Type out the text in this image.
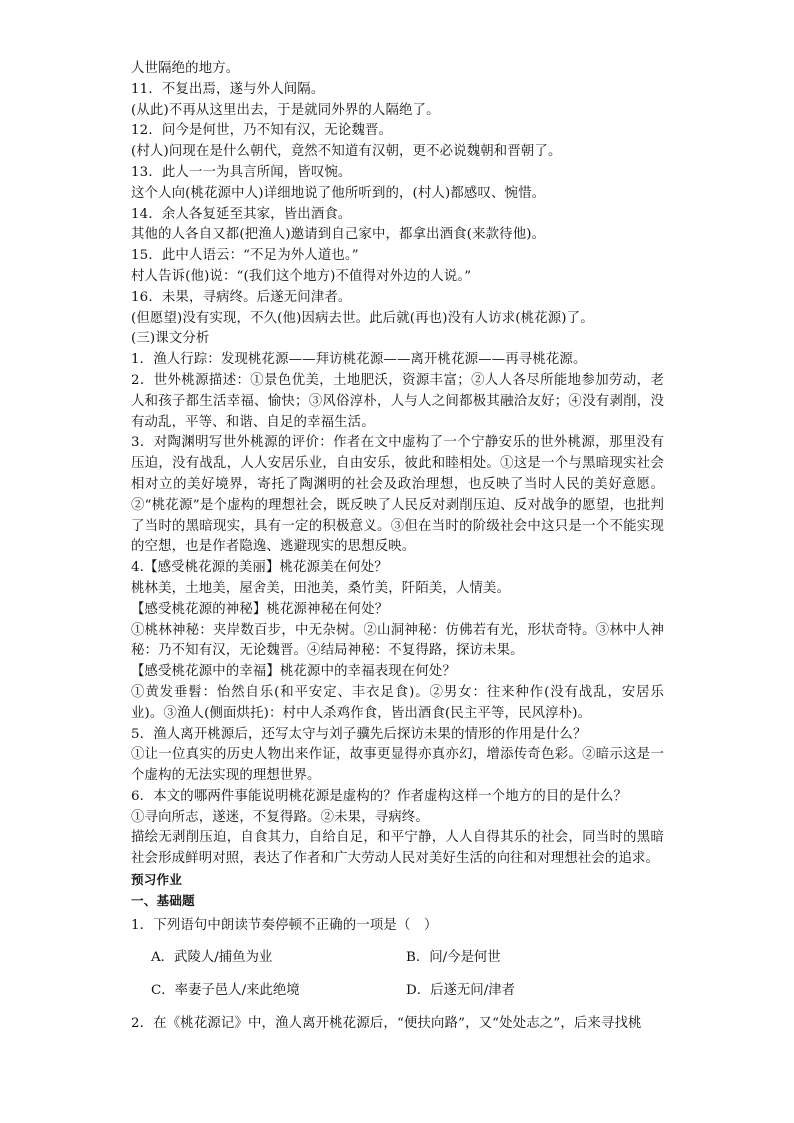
人世隔绝的地方。
11．不复出焉，遂与外人间隔。
(从此)不再从这里出去，于是就同外界的人隔绝了。
12．问今是何世，乃不知有汉，无论魏晋。
(村人)问现在是什么朝代，竟然不知道有汉朝，更不必说魏朝和晋朝了。
13．此人一一为具言所闻，皆叹惋。
这个人向(桃花源中人)详细地说了他所听到的，(村人)都感叹、惋惜。
14．余人各复延至其家，皆出酒食。
其他的人各自又都(把渔人)邀请到自己家中，都拿出酒食(来款待他)。
15．此中人语云：“不足为外人道也。”
村人告诉(他)说：“(我们这个地方)不值得对外边的人说。”
16．未果，寻病终。后遂无问津者。
(但愿望)没有实现，不久(他)因病去世。此后就(再也)没有人访求(桃花源)了。
(三)课文分析
1．渔人行踪：发现桃花源——拜访桃花源——离开桃花源——再寻桃花源。
2．世外桃源描述：①景色优美，土地肥沃，资源丰富；②人人各尽所能地参加劳动，老人和孩子都生活幸福、愉快；③风俗淳朴，人与人之间都极其融洽友好；④没有剥削，没有动乱，平等、和谐、自足的幸福生活。
3．对陶渊明写世外桃源的评价：作者在文中虚构了一个宁静安乐的世外桃源，那里没有压迫，没有战乱，人人安居乐业，自由安乐，彼此和睦相处。①这是一个与黑暗现实社会相对立的美好境界，寄托了陶渊明的社会及政治理想，也反映了当时人民的美好意愿。②“桃花源”是个虚构的理想社会，既反映了人民反对剥削压迫、反对战争的愿望，也批判了当时的黑暗现实，具有一定的积极意义。③但在当时的阶级社会中这只是一个不能实现的空想，也是作者隐逸、逃避现实的思想反映。
4.【感受桃花源的美丽】桃花源美在何处？
桃林美，土地美，屋舍美，田池美，桑竹美，阡陌美，人情美。
【感受桃花源的神秘】桃花源神秘在何处？
①桃林神秘：夹岸数百步，中无杂树。②山洞神秘：仿佛若有光，形状奇特。③林中人神秘：乃不知有汉，无论魏晋。④结局神秘：不复得路，探访未果。
【感受桃花源中的幸福】桃花源中的幸福表现在何处？
①黄发垂髫：怡然自乐(和平安定、丰衣足食)。②男女：往来种作(没有战乱，安居乐业)。③渔人(侧面烘托)：村中人杀鸡作食，皆出酒食(民主平等，民风淳朴)。
5．渔人离开桃源后，还写太守与刘子骥先后探访未果的情形的作用是什么？
①让一位真实的历史人物出来作证，故事更显得亦真亦幻，增添传奇色彩。②暗示这是一个虚构的无法实现的理想世界。
6．本文的哪两件事能说明桃花源是虚构的？作者虚构这样一个地方的目的是什么？
①寻向所志，遂迷，不复得路。②未果，寻病终。
描绘无剥削压迫，自食其力，自给自足，和平宁静，人人自得其乐的社会，同当时的黑暗社会形成鲜明对照，表达了作者和广大劳动人民对美好生活的向往和对理想社会的追求。
预习作业
一、基础题
1．下列语句中朗读节奏停顿不正确的一项是（　）
A．武陵人/捕鱼为业	B．问/今是何世
C．率妻子邑人/来此绝境	D．后遂无问/津者
2．在《桃花源记》中，渔人离开桃花源后，“便扶向路”，又“处处志之”，后来寻找桃
